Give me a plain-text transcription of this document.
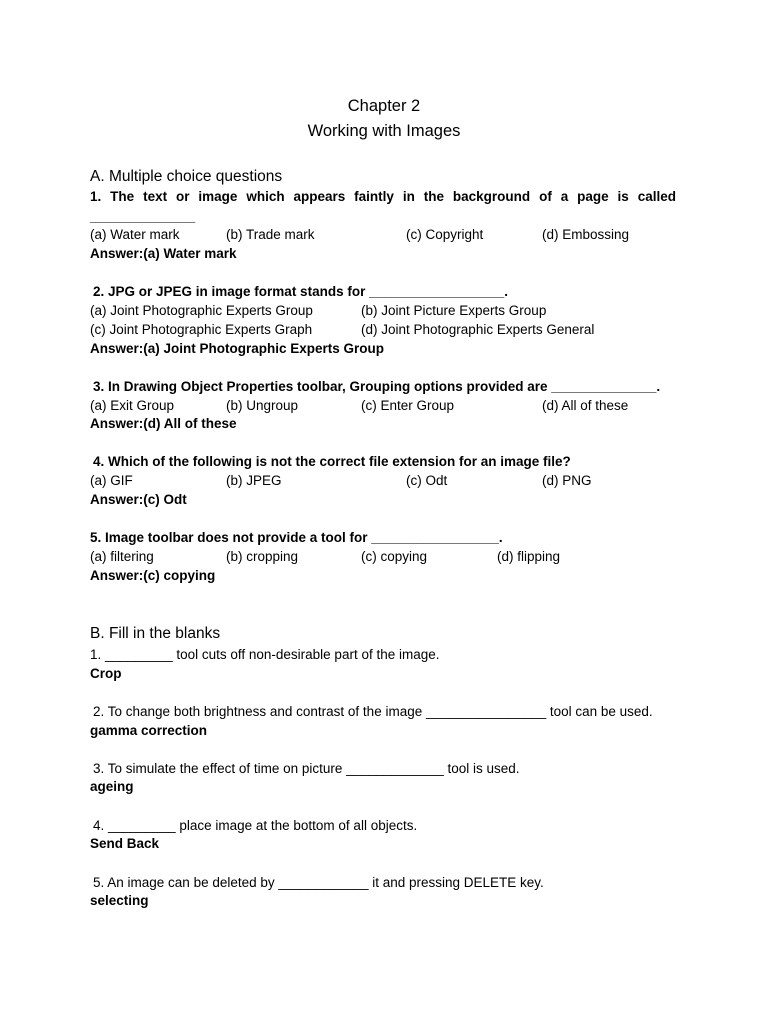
Chapter 2
Working with Images
A. Multiple choice questions
1. The text or image which appears faintly in the background of a page is called ______________
(a) Water mark	(b) Trade mark	(c) Copyright	(d) Embossing
Answer:(a) Water mark
2. JPG or JPEG in image format stands for __________________.
(a) Joint Photographic Experts Group	(b) Joint Picture Experts Group
(c) Joint Photographic Experts Graph	(d) Joint Photographic Experts General
Answer:(a) Joint Photographic Experts Group
3. In Drawing Object Properties toolbar, Grouping options provided are ______________.
(a) Exit Group	(b) Ungroup	(c) Enter Group	(d) All of these
Answer:(d) All of these
4. Which of the following is not the correct file extension for an image file?
(a) GIF	(b) JPEG	(c) Odt	(d) PNG
Answer:(c) Odt
5. Image toolbar does not provide a tool for _________________.
(a) filtering	(b) cropping	(c) copying	(d) flipping
Answer:(c) copying
B. Fill in the blanks
1. _________ tool cuts off non-desirable part of the image.
Crop
2. To change both brightness and contrast of the image ________________ tool can be used.
gamma correction
3. To simulate the effect of time on picture _____________ tool is used.
ageing
4. _________ place image at the bottom of all objects.
Send Back
5. An image can be deleted by ____________ it and pressing DELETE key.
selecting
